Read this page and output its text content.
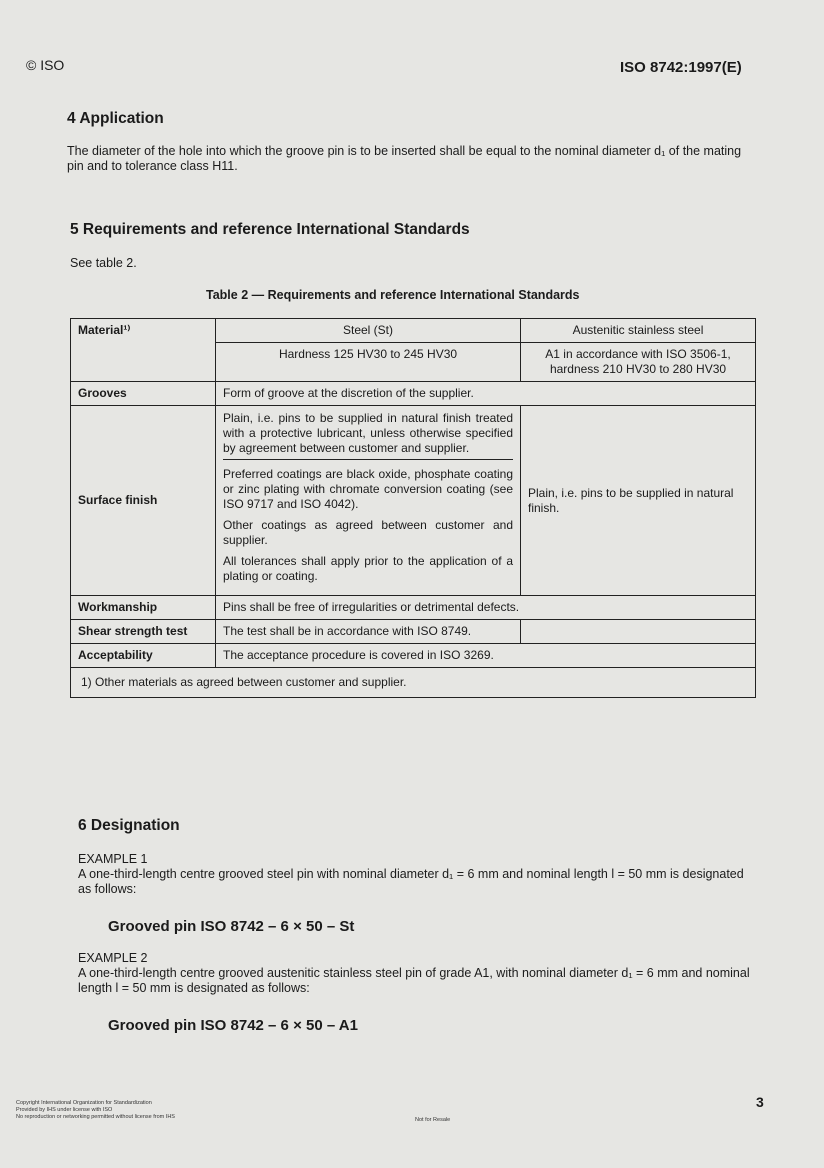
© ISO	ISO 8742:1997(E)
4 Application
The diameter of the hole into which the groove pin is to be inserted shall be equal to the nominal diameter d₁ of the mating pin and to tolerance class H11.
5 Requirements and reference International Standards
See table 2.
Table 2 — Requirements and reference International Standards
Material¹⁾	Steel (St)	Austenitic stainless steel
	Hardness 125 HV30 to 245 HV30	A1 in accordance with ISO 3506-1, hardness 210 HV30 to 280 HV30
Grooves	Form of groove at the discretion of the supplier.	
Surface finish	Plain, i.e. pins to be supplied in natural finish treated with a protective lubricant, unless otherwise specified by agreement between customer and supplier.

Preferred coatings are black oxide, phosphate coating or zinc plating with chromate conversion coating (see ISO 9717 and ISO 4042).

Other coatings as agreed between customer and supplier.

All tolerances shall apply prior to the application of a plating or coating.	Plain, i.e. pins to be supplied in natural finish.
Workmanship	Pins shall be free of irregularities or detrimental defects.	
Shear strength test	The test shall be in accordance with ISO 8749.	
Acceptability	The acceptance procedure is covered in ISO 3269.	
1) Other materials as agreed between customer and supplier.		
6 Designation
EXAMPLE 1
A one-third-length centre grooved steel pin with nominal diameter d₁ = 6 mm and nominal length l = 50 mm is designated as follows:
Grooved pin ISO 8742 – 6 × 50 – St
EXAMPLE 2
A one-third-length centre grooved austenitic stainless steel pin of grade A1, with nominal diameter d₁ = 6 mm and nominal length l = 50 mm is designated as follows:
Grooved pin ISO 8742 – 6 × 50 – A1
Copyright International Organization for Standardization
Provided by IHS under license with ISO
No reproduction or networking permitted without license from IHS	Not for Resale
3
